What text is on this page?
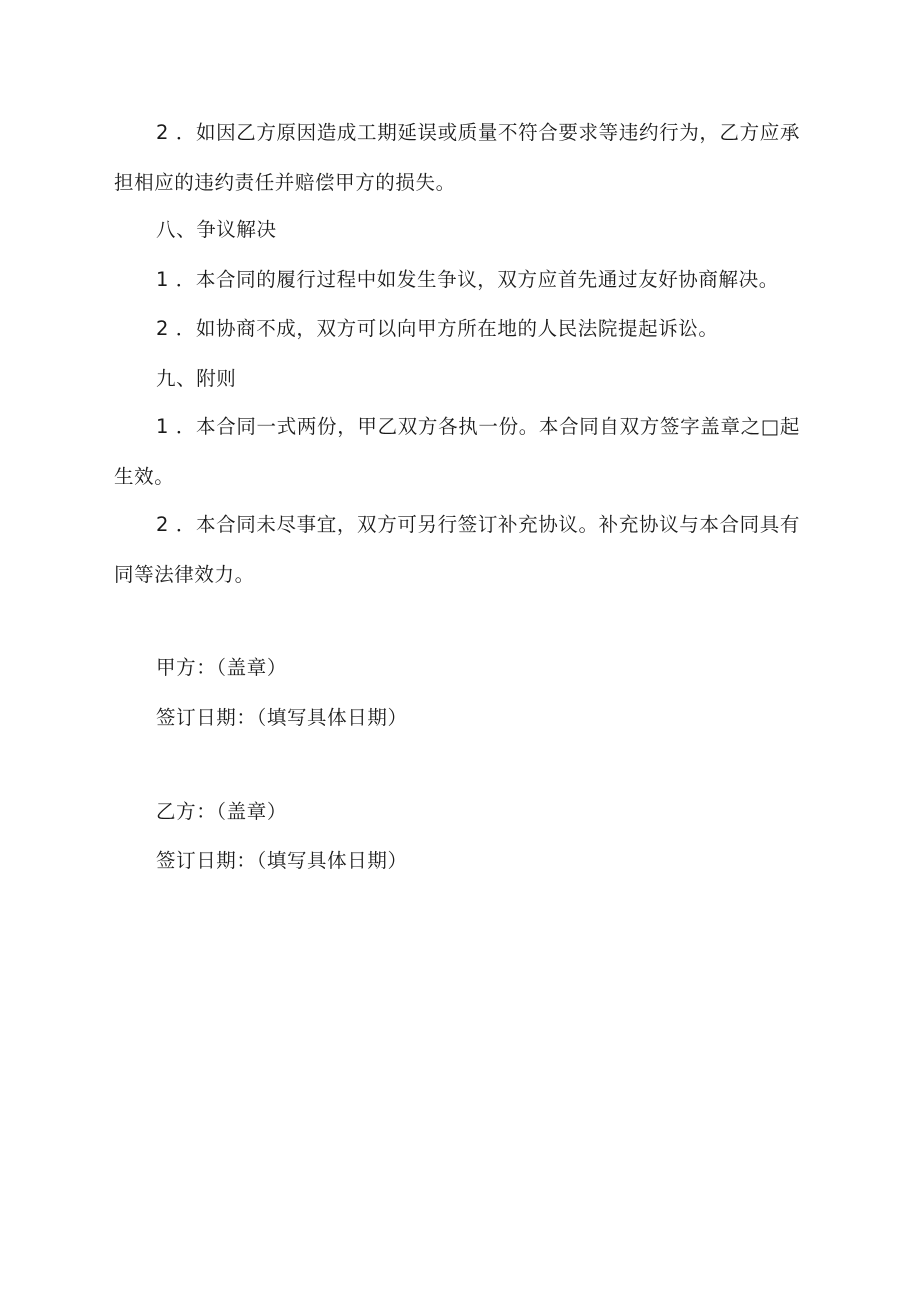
2 ．如因乙方原因造成工期延误或质量不符合要求等违约行为，乙方应承担相应的违约责任并赔偿甲方的损失。

八、争议解决

1 ．本合同的履行过程中如发生争议，双方应首先通过友好协商解决。

2 ．如协商不成，双方可以向甲方所在地的人民法院提起诉讼。

九、附则

1 ．本合同一式两份，甲乙双方各执一份。本合同自双方签字盖章之□起生效。

2 ．本合同未尽事宜，双方可另行签订补充协议。补充协议与本合同具有同等法律效力。

甲方：（盖章）

签订日期：（填写具体日期）

乙方：（盖章）

签订日期：（填写具体日期）
